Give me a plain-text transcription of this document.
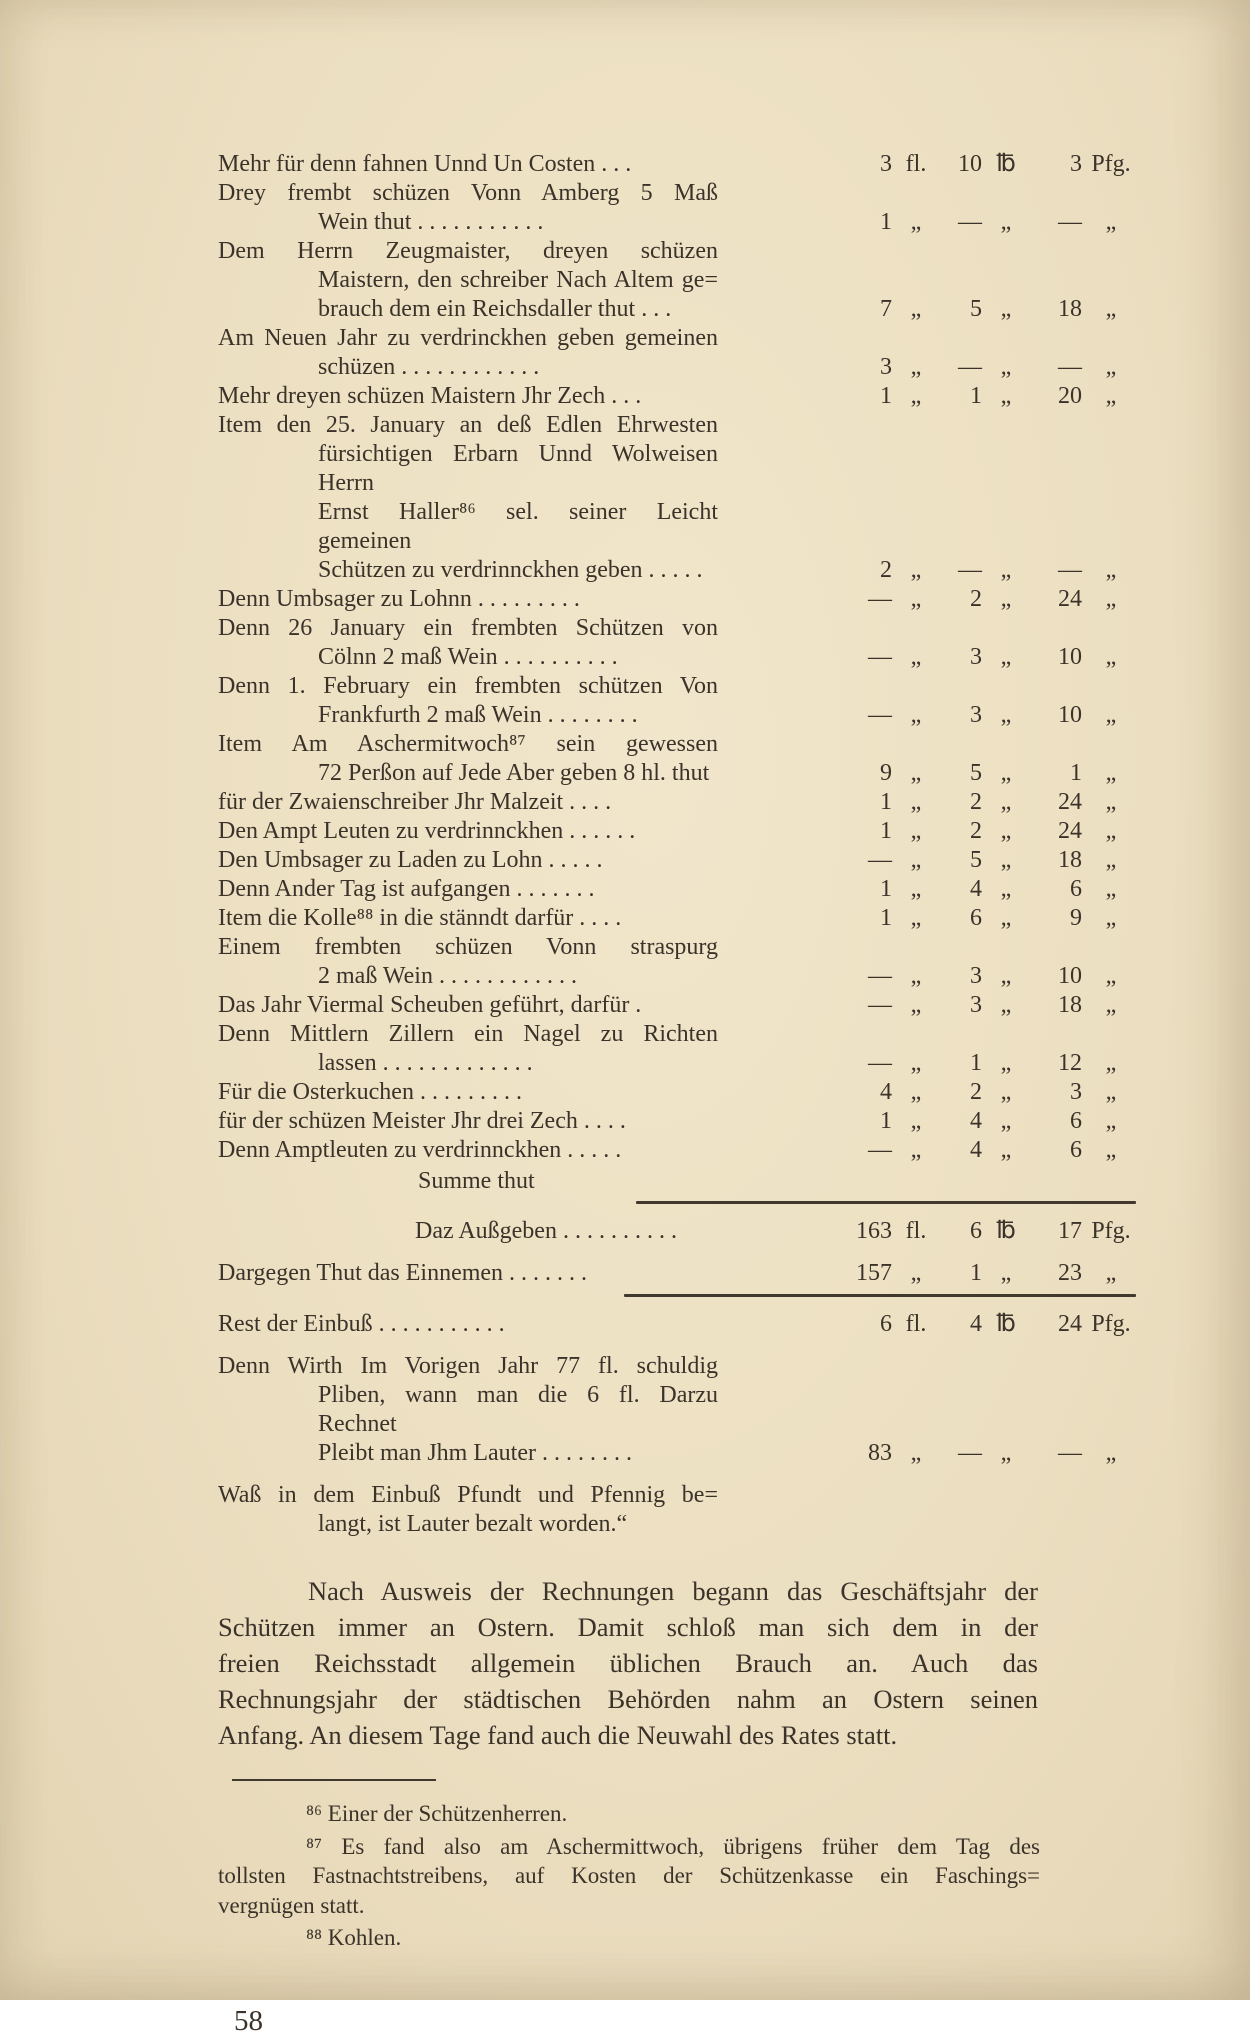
Mehr für denn fahnen Unnd Un Costen . . .	3 fl.	10 ℔	3 Pfg.
Drey frembt schüzen Vonn Amberg 5 Maß
Wein thut . . . . . . . . . . .	1 „	— „	— „
Dem Herrn Zeugmaister, dreyen schüzen
Maistern, den schreiber Nach Altem ge=
brauch dem ein Reichsdaller thut . . .	7 „	5 „	18 „
Am Neuen Jahr zu verdrinckhen geben gemeinen
schüzen . . . . . . . . . . . .	3 „	— „	— „
Mehr dreyen schüzen Maistern Jhr Zech . . .	1 „	1 „	20 „
Item den 25. January an deß Edlen Ehrwesten
fürsichtigen Erbarn Unnd Wolweisen Herrn
Ernst Haller⁸⁶ sel. seiner Leicht gemeinen
Schützen zu verdrinnckhen geben . . . . .	2 „	— „	— „
Denn Umbsager zu Lohnn . . . . . . . . .	— „	2 „	24 „
Denn 26 January ein frembten Schützen von
Cölnn 2 maß Wein . . . . . . . . . .	— „	3 „	10 „
Denn 1. February ein frembten schützen Von
Frankfurth 2 maß Wein . . . . . . . .	— „	3 „	10 „
Item Am Aschermitwoch⁸⁷ sein gewessen
72 Perßon auf Jede Aber geben 8 hl. thut	9 „	5 „	1 „
für der Zwaienschreiber Jhr Malzeit . . . .	1 „	2 „	24 „
Den Ampt Leuten zu verdrinnckhen . . . . . .	1 „	2 „	24 „
Den Umbsager zu Laden zu Lohn . . . . .	— „	5 „	18 „
Denn Ander Tag ist aufgangen . . . . . . .	1 „	4 „	6 „
Item die Kolle⁸⁸ in die stänndt darfür . . . .	1 „	6 „	9 „
Einem frembten schüzen Vonn straspurg
2 maß Wein . . . . . . . . . . . .	— „	3 „	10 „
Das Jahr Viermal Scheuben geführt, darfür .	— „	3 „	18 „
Denn Mittlern Zillern ein Nagel zu Richten
lassen . . . . . . . . . . . . .	— „	1 „	12 „
Für die Osterkuchen . . . . . . . . .	4 „	2 „	3 „
für der schüzen Meister Jhr drei Zech . . . .	1 „	4 „	6 „
Denn Amptleuten zu verdrinnckhen . . . . .	— „	4 „	6 „
Summe thut
Daz Außgeben . . . . . . . . . .	163 fl.	6 ℔	17 Pfg.
Dargegen Thut das Einnemen . . . . . . .	157 „	1 „	23 „
Rest der Einbuß . . . . . . . . . . .	6 fl.	4 ℔	24 Pfg.
Denn Wirth Im Vorigen Jahr 77 fl. schuldig
Pliben, wann man die 6 fl. Darzu Rechnet
Pleibt man Jhm Lauter . . . . . . . .	83 „	— „	— „
Waß in dem Einbuß Pfundt und Pfennig be=
langt, ist Lauter bezalt worden.“
Nach Ausweis der Rechnungen begann das Geschäftsjahr der
Schützen immer an Ostern. Damit schloß man sich dem in der
freien Reichsstadt allgemein üblichen Brauch an. Auch das
Rechnungsjahr der städtischen Behörden nahm an Ostern seinen
Anfang. An diesem Tage fand auch die Neuwahl des Rates statt.
⁸⁶ Einer der Schützenherren.
⁸⁷ Es fand also am Aschermittwoch, übrigens früher dem Tag des
tollsten Fastnachtstreibens, auf Kosten der Schützenkasse ein Faschings=
vergnügen statt.
⁸⁸ Kohlen.
58
